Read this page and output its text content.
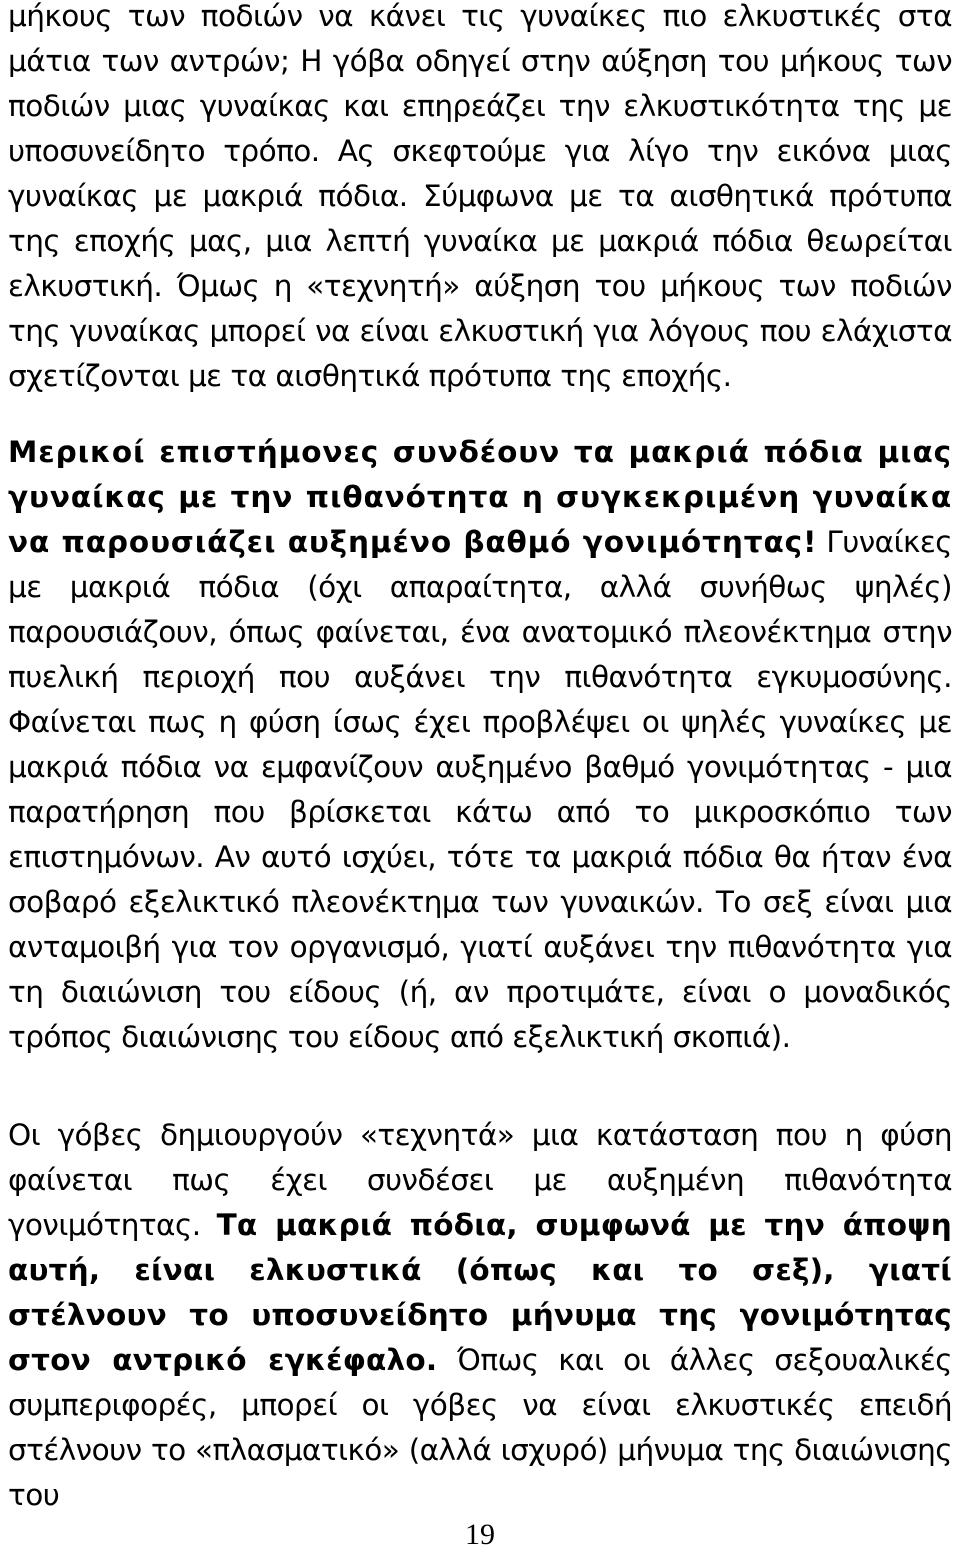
μήκους των ποδιών να κάνει τις γυναίκες πιο ελκυστικές στα μάτια των αντρών; Η γόβα οδηγεί στην αύξηση του μήκους των ποδιών μιας γυναίκας και επηρεάζει την ελκυστικότητα της με υποσυνείδητο τρόπο. Ας σκεφτούμε για λίγο την εικόνα μιας γυναίκας με μακριά πόδια. Σύμφωνα με τα αισθητικά πρότυπα της εποχής μας, μια λεπτή γυναίκα με μακριά πόδια θεωρείται ελκυστική. Όμως η «τεχνητή» αύξηση του μήκους των ποδιών της γυναίκας μπορεί να είναι ελκυστική για λόγους που ελάχιστα σχετίζονται με τα αισθητικά πρότυπα της εποχής.

Μερικοί επιστήμονες συνδέουν τα μακριά πόδια μιας γυναίκας με την πιθανότητα η συγκεκριμένη γυναίκα να παρουσιάζει αυξημένο βαθμό γονιμότητας! Γυναίκες με μακριά πόδια (όχι απαραίτητα, αλλά συνήθως ψηλές) παρουσιάζουν, όπως φαίνεται, ένα ανατομικό πλεονέκτημα στην πυελική περιοχή που αυξάνει την πιθανότητα εγκυμοσύνης. Φαίνεται πως η φύση ίσως έχει προβλέψει οι ψηλές γυναίκες με μακριά πόδια να εμφανίζουν αυξημένο βαθμό γονιμότητας - μια παρατήρηση που βρίσκεται κάτω από το μικροσκόπιο των επιστημόνων. Αν αυτό ισχύει, τότε τα μακριά πόδια θα ήταν ένα σοβαρό εξελικτικό πλεονέκτημα των γυναικών. Το σεξ είναι μια ανταμοιβή για τον οργανισμό, γιατί αυξάνει την πιθανότητα για τη διαιώνιση του είδους (ή, αν προτιμάτε, είναι ο μοναδικός τρόπος διαιώνισης του είδους από εξελικτική σκοπιά).

Οι γόβες δημιουργούν «τεχνητά» μια κατάσταση που η φύση φαίνεται πως έχει συνδέσει με αυξημένη πιθανότητα γονιμότητας. Τα μακριά πόδια, συμφωνά με την άποψη αυτή, είναι ελκυστικά (όπως και το σεξ), γιατί στέλνουν το υποσυνείδητο μήνυμα της γονιμότητας στον αντρικό εγκέφαλο. Όπως και οι άλλες σεξουαλικές συμπεριφορές, μπορεί οι γόβες να είναι ελκυστικές επειδή στέλνουν το «πλασματικό» (αλλά ισχυρό) μήνυμα της διαιώνισης του

19
